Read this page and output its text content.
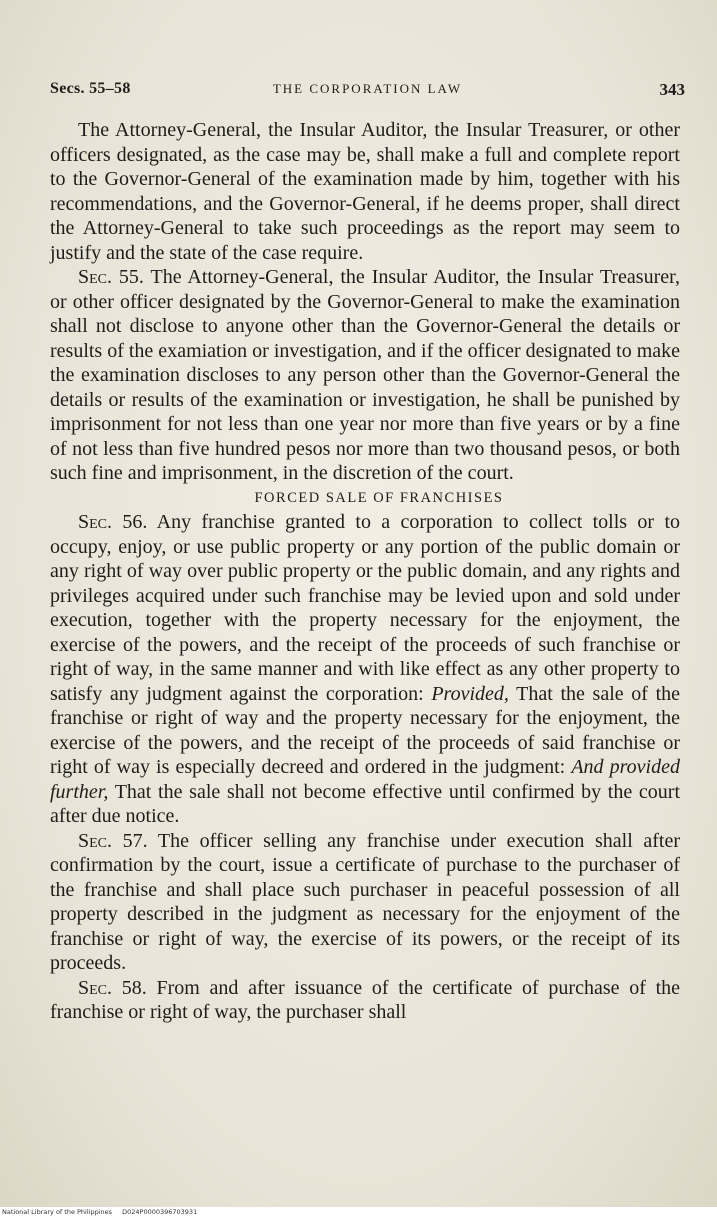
Secs. 55–58	THE CORPORATION LAW	343

The Attorney-General, the Insular Auditor, the Insular Treasurer, or other officers designated, as the case may be, shall make a full and complete report to the Governor-General of the examination made by him, together with his recommendations, and the Governor-General, if he deems proper, shall direct the Attorney-General to take such proceedings as the report may seem to justify and the state of the case require.

Sec. 55. The Attorney-General, the Insular Auditor, the Insular Treasurer, or other officer designated by the Governor-General to make the examination shall not disclose to anyone other than the Governor-General the details or results of the examiation or investigation, and if the officer designated to make the examination discloses to any person other than the Governor-General the details or results of the examination or investigation, he shall be punished by imprisonment for not less than one year nor more than five years or by a fine of not less than five hundred pesos nor more than two thousand pesos, or both such fine and imprisonment, in the discretion of the court.

FORCED SALE OF FRANCHISES

Sec. 56. Any franchise granted to a corporation to collect tolls or to occupy, enjoy, or use public property or any portion of the public domain or any right of way over public property or the public domain, and any rights and privileges acquired under such franchise may be levied upon and sold under execution, together with the property necessary for the enjoyment, the exercise of the powers, and the receipt of the proceeds of such franchise or right of way, in the same manner and with like effect as any other property to satisfy any judgment against the corporation: Provided, That the sale of the franchise or right of way and the property necessary for the enjoyment, the exercise of the powers, and the receipt of the proceeds of said franchise or right of way is especially decreed and ordered in the judgment: And provided further, That the sale shall not become effective until confirmed by the court after due notice.

Sec. 57. The officer selling any franchise under execution shall after confirmation by the court, issue a certificate of purchase to the purchaser of the franchise and shall place such purchaser in peaceful possession of all property described in the judgment as necessary for the enjoyment of the franchise or right of way, the exercise of its powers, or the receipt of its proceeds.

Sec. 58. From and after issuance of the certificate of purchase of the franchise or right of way, the purchaser shall

National Library of the Philippines D024P0000396703931
